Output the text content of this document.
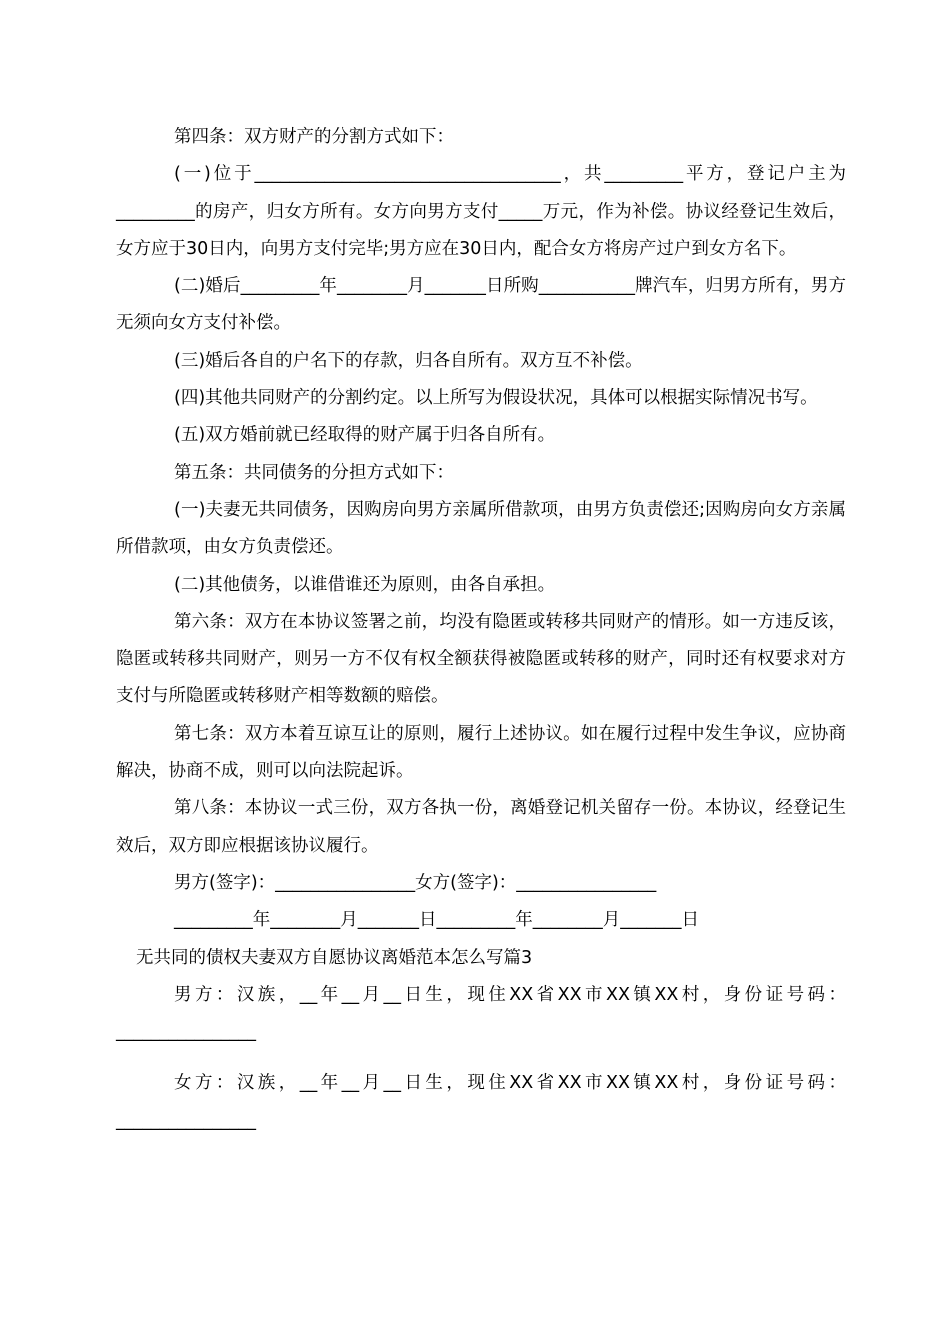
第四条：双方财产的分割方式如下：

(一)位于___________________________________，共_________平方，登记户主为_________的房产，归女方所有。女方向男方支付_____万元，作为补偿。协议经登记生效后，女方应于30日内，向男方支付完毕;男方应在30日内，配合女方将房产过户到女方名下。

(二)婚后_________年________月_______日所购___________牌汽车，归男方所有，男方无须向女方支付补偿。

(三)婚后各自的户名下的存款，归各自所有。双方互不补偿。

(四)其他共同财产的分割约定。以上所写为假设状况，具体可以根据实际情况书写。

(五)双方婚前就已经取得的财产属于归各自所有。

第五条：共同债务的分担方式如下：

(一)夫妻无共同债务，因购房向男方亲属所借款项，由男方负责偿还;因购房向女方亲属所借款项，由女方负责偿还。

(二)其他债务，以谁借谁还为原则，由各自承担。

第六条：双方在本协议签署之前，均没有隐匿或转移共同财产的情形。如一方违反该，隐匿或转移共同财产，则另一方不仅有权全额获得被隐匿或转移的财产，同时还有权要求对方支付与所隐匿或转移财产相等数额的赔偿。

第七条：双方本着互谅互让的原则，履行上述协议。如在履行过程中发生争议，应协商解决，协商不成，则可以向法院起诉。

第八条：本协议一式三份，双方各执一份，离婚登记机关留存一份。本协议，经登记生效后，双方即应根据该协议履行。

男方(签字)：________________女方(签字)：________________

_________年________月_______日_________年________月_______日

无共同的债权夫妻双方自愿协议离婚范本怎么写篇3

男方：汉族，__年__月__日生，现住XX省XX市XX镇XX村，身份证号码：________________

女方：汉族，__年__月__日生，现住XX省XX市XX镇XX村，身份证号码：________________
